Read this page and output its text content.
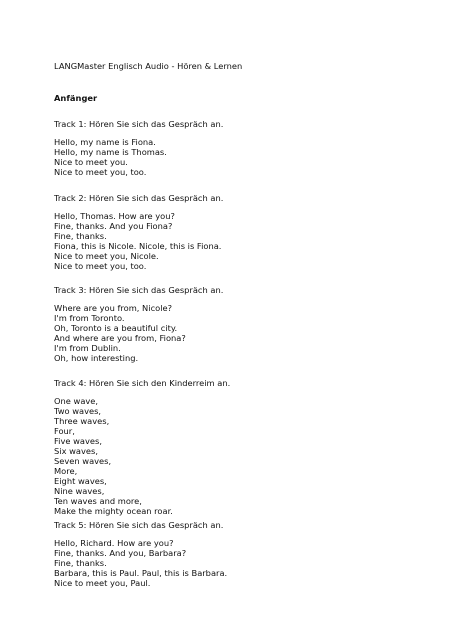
LANGMaster Englisch Audio - Hören & Lernen
Anfänger
Track 1: Hören Sie sich das Gespräch an.
Hello, my name is Fiona.
Hello, my name is Thomas.
Nice to meet you.
Nice to meet you, too.
Track 2: Hören Sie sich das Gespräch an.
Hello, Thomas. How are you?
Fine, thanks. And you Fiona?
Fine, thanks.
Fiona, this is Nicole. Nicole, this is Fiona.
Nice to meet you, Nicole.
Nice to meet you, too.
Track 3: Hören Sie sich das Gespräch an.
Where are you from, Nicole?
I'm from Toronto.
Oh, Toronto is a beautiful city.
And where are you from, Fiona?
I'm from Dublin.
Oh, how interesting.
Track 4: Hören Sie sich den Kinderreim an.
One wave,
Two waves,
Three waves,
Four,
Five waves,
Six waves,
Seven waves,
More,
Eight waves,
Nine waves,
Ten waves and more,
Make the mighty ocean roar.
Track 5: Hören Sie sich das Gespräch an.
Hello, Richard. How are you?
Fine, thanks. And you, Barbara?
Fine, thanks.
Barbara, this is Paul. Paul, this is Barbara.
Nice to meet you, Paul.
